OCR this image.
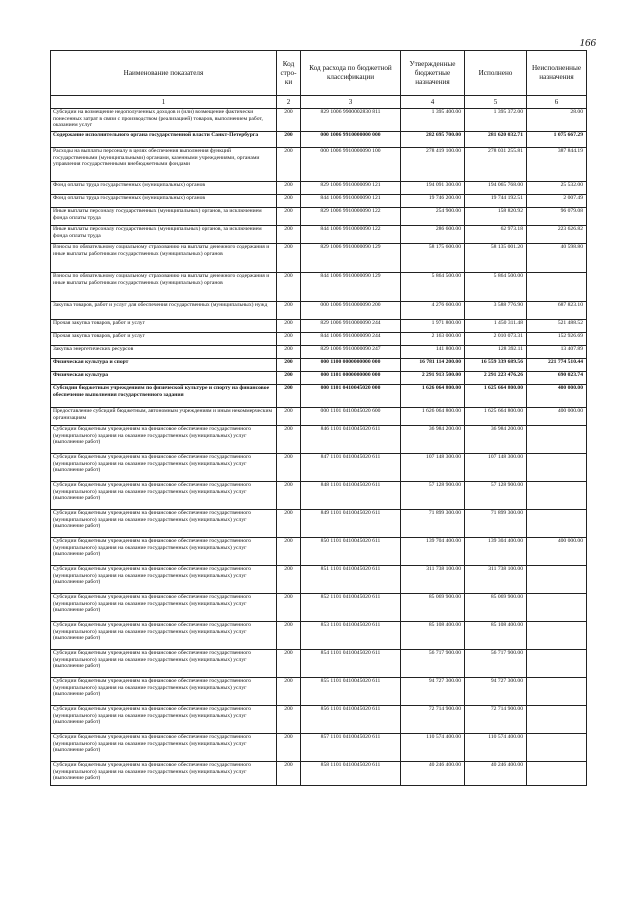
166
Наименование показателя	Код стро-ки	Код расхода по бюджетной классификации	Утвержденные бюджетные назначения	Исполнено	Неисполненные назначения
1	2	3	4	5	6
Субсидии на возмещение недополученных доходов и (или) возмещение фактически понесенных затрат в связи с производством (реализацией) товаров, выполнением работ, оказанием услуг	200	829 1006 9900002830 811	1 395 400.00	1 395 372.00	28.00
Содержание исполнительного органа государственной власти Санкт-Петербурга	200	000 1006 9910000000 000	282 695 700.00	281 620 032.71	1 075 667.29
Расходы на выплаты персоналу в целях обеспечения выполнения функций государственными (муниципальными) органами, казенными учреждениями, органами управления государственными внебюджетными фондами	200	000 1006 9910000090 100	278 419 100.00	278 031 255.81	387 844.19
Фонд оплаты труда государственных (муниципальных) органов	200	829 1006 9910000090 121	194 091 300.00	194 065 768.00	25 532.00
Фонд оплаты труда государственных (муниципальных) органов	200	844 1006 9910000090 121	19 746 200.00	19 744 192.51	2 007.49
Иные выплаты персоналу государственных (муниципальных) органов, за исключением фонда оплаты труда	200	829 1006 9910000090 122	254 900.00	158 820.92	96 079.08
Иные выплаты персоналу государственных (муниципальных) органов, за исключением фонда оплаты труда	200	844 1006 9910000090 122	286 600.00	62 973.18	223 626.82
Взносы по обязательному социальному страхованию на выплаты денежного содержания и иные выплаты работникам государственных (муниципальных) органов	200	829 1006 9910000090 129	58 175 600.00	58 135 001.20	40 598.80
Взносы по обязательному социальному страхованию на выплаты денежного содержания и иные выплаты работникам государственных (муниципальных) органов	200	844 1006 9910000090 129	5 864 500.00	5 864 500.00	
Закупка товаров, работ и услуг для обеспечения государственных (муниципальных) нужд	200	000 1006 9910000090 200	4 276 600.00	3 588 776.90	687 823.10
Прочая закупка товаров, работ и услуг	200	829 1006 9910000090 244	1 971 800.00	1 450 311.48	521 488.52
Прочая закупка товаров, работ и услуг	200	844 1006 9910000090 244	2 163 000.00	2 010 073.31	152 926.69
Закупка энергетических ресурсов	200	829 1006 9910000090 247	141 800.00	128 392.11	13 407.89
Физическая культура и спорт	200	000 1100 0000000000 000	16 781 114 200.00	16 559 339 689.56	221 774 510.44
Физическая культура	200	000 1101 0000000000 000	2 291 913 500.00	2 291 223 476.26	690 023.74
Субсидии бюджетным учреждениям по физической культуре и спорту на финансовое обеспечение выполнения государственного задания	200	000 1101 0410045020 000	1 626 064 800.00	1 625 664 800.00	400 000.00
Предоставление субсидий бюджетным, автономным учреждениям и иным некоммерческим организациям	200	000 1101 0410045020 600	1 626 064 800.00	1 625 664 800.00	400 000.00
Субсидии бюджетным учреждениям на финансовое обеспечение государственного (муниципального) задания на оказание государственных (муниципальных) услуг (выполнение работ)	200	846 1101 0410045020 611	36 984 200.00	36 984 200.00	
Субсидии бюджетным учреждениям на финансовое обеспечение государственного (муниципального) задания на оказание государственных (муниципальных) услуг (выполнение работ)	200	847 1101 0410045020 611	107 148 300.00	107 148 300.00	
Субсидии бюджетным учреждениям на финансовое обеспечение государственного (муниципального) задания на оказание государственных (муниципальных) услуг (выполнение работ)	200	848 1101 0410045020 611	57 128 900.00	57 128 900.00	
Субсидии бюджетным учреждениям на финансовое обеспечение государственного (муниципального) задания на оказание государственных (муниципальных) услуг (выполнение работ)	200	849 1101 0410045020 611	71 899 300.00	71 899 300.00	
Субсидии бюджетным учреждениям на финансовое обеспечение государственного (муниципального) задания на оказание государственных (муниципальных) услуг (выполнение работ)	200	850 1101 0410045020 611	139 704 400.00	139 304 400.00	400 000.00
Субсидии бюджетным учреждениям на финансовое обеспечение государственного (муниципального) задания на оказание государственных (муниципальных) услуг (выполнение работ)	200	851 1101 0410045020 611	311 738 100.00	311 738 100.00	
Субсидии бюджетным учреждениям на финансовое обеспечение государственного (муниципального) задания на оказание государственных (муниципальных) услуг (выполнение работ)	200	852 1101 0410045020 611	85 069 900.00	85 069 900.00	
Субсидии бюджетным учреждениям на финансовое обеспечение государственного (муниципального) задания на оказание государственных (муниципальных) услуг (выполнение работ)	200	853 1101 0410045020 611	85 108 400.00	85 108 400.00	
Субсидии бюджетным учреждениям на финансовое обеспечение государственного (муниципального) задания на оказание государственных (муниципальных) услуг (выполнение работ)	200	854 1101 0410045020 611	56 717 900.00	56 717 900.00	
Субсидии бюджетным учреждениям на финансовое обеспечение государственного (муниципального) задания на оказание государственных (муниципальных) услуг (выполнение работ)	200	855 1101 0410045020 611	94 727 300.00	94 727 300.00	
Субсидии бюджетным учреждениям на финансовое обеспечение государственного (муниципального) задания на оказание государственных (муниципальных) услуг (выполнение работ)	200	856 1101 0410045020 611	72 714 900.00	72 714 900.00	
Субсидии бюджетным учреждениям на финансовое обеспечение государственного (муниципального) задания на оказание государственных (муниципальных) услуг (выполнение работ)	200	857 1101 0410045020 611	110 574 400.00	110 574 400.00	
Субсидии бюджетным учреждениям на финансовое обеспечение государственного (муниципального) задания на оказание государственных (муниципальных) услуг (выполнение работ)	200	858 1101 0410045020 611	40 246 400.00	40 246 400.00	
